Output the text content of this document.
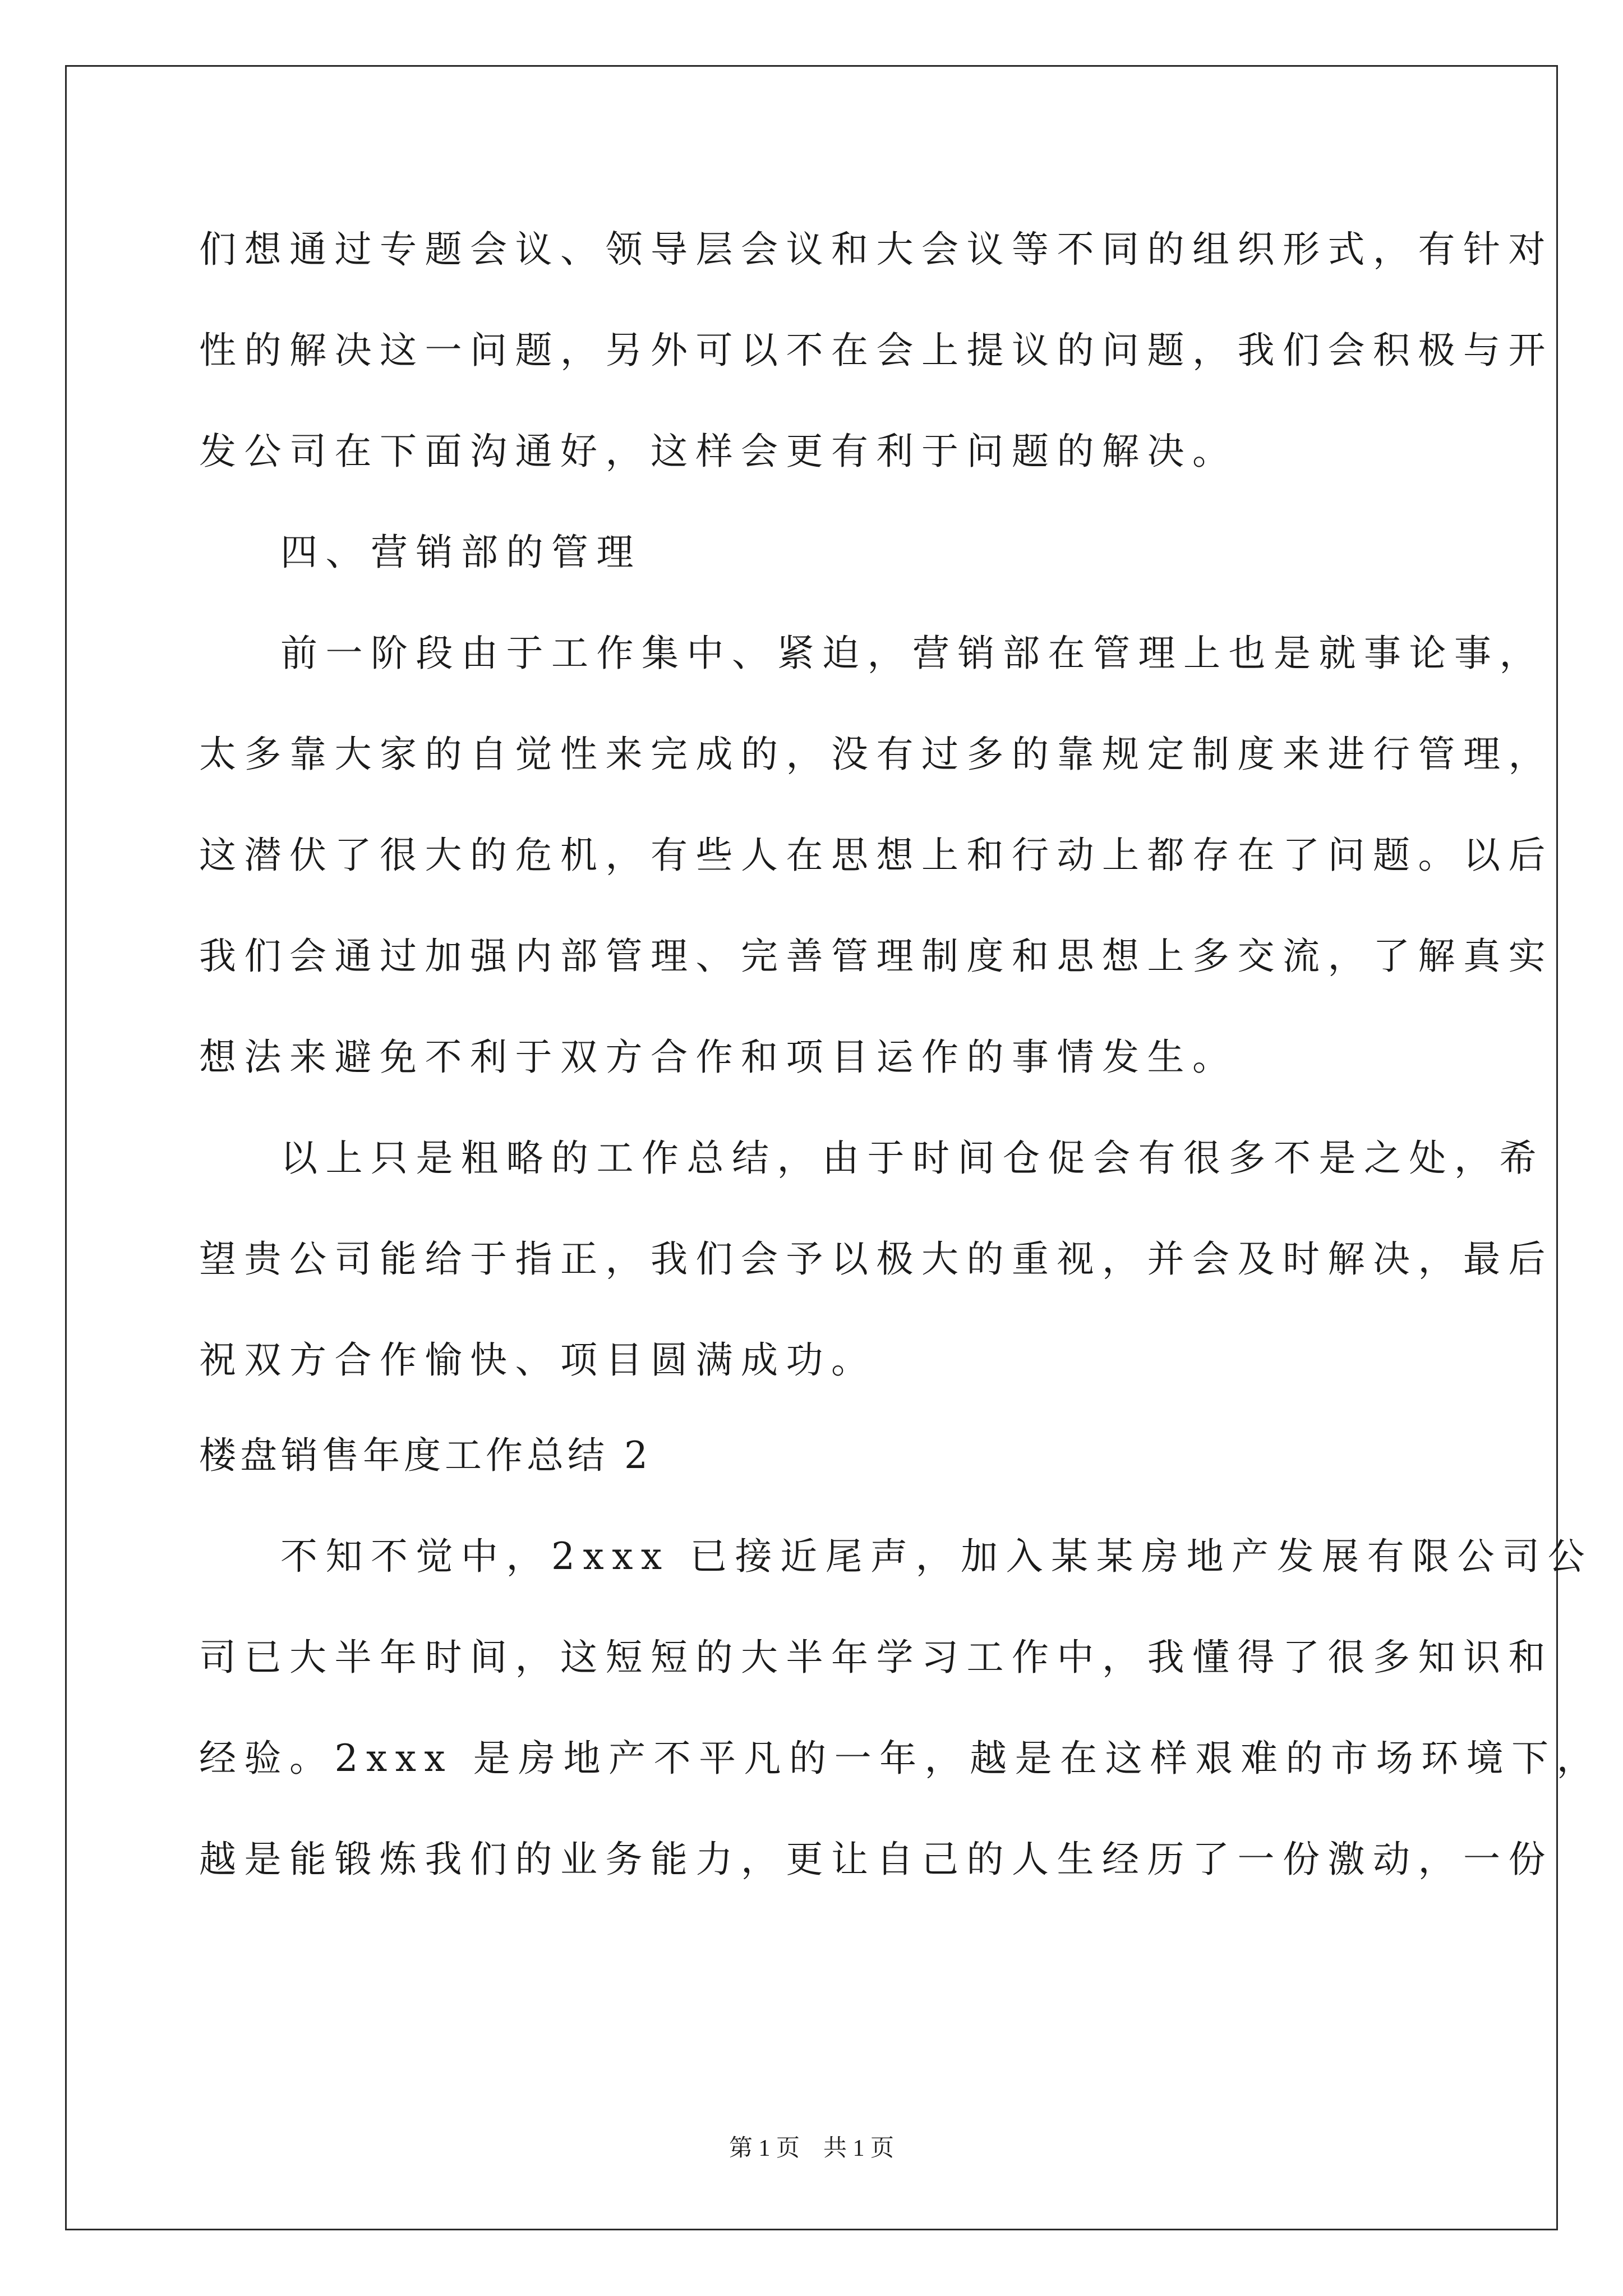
们想通过专题会议、领导层会议和大会议等不同的组织形式，有针对
性的解决这一问题，另外可以不在会上提议的问题，我们会积极与开
发公司在下面沟通好，这样会更有利于问题的解决。
四、营销部的管理
前一阶段由于工作集中、紧迫，营销部在管理上也是就事论事，
太多靠大家的自觉性来完成的，没有过多的靠规定制度来进行管理，
这潜伏了很大的危机，有些人在思想上和行动上都存在了问题。以后
我们会通过加强内部管理、完善管理制度和思想上多交流，了解真实
想法来避免不利于双方合作和项目运作的事情发生。
以上只是粗略的工作总结，由于时间仓促会有很多不是之处，希
望贵公司能给于指正，我们会予以极大的重视，并会及时解决，最后
祝双方合作愉快、项目圆满成功。
楼盘销售年度工作总结 2
不知不觉中，2xxx 已接近尾声，加入某某房地产发展有限公司公
司已大半年时间，这短短的大半年学习工作中，我懂得了很多知识和
经验。2xxx 是房地产不平凡的一年，越是在这样艰难的市场环境下，
越是能锻炼我们的业务能力，更让自己的人生经历了一份激动，一份
第 1 页　共 1 页
